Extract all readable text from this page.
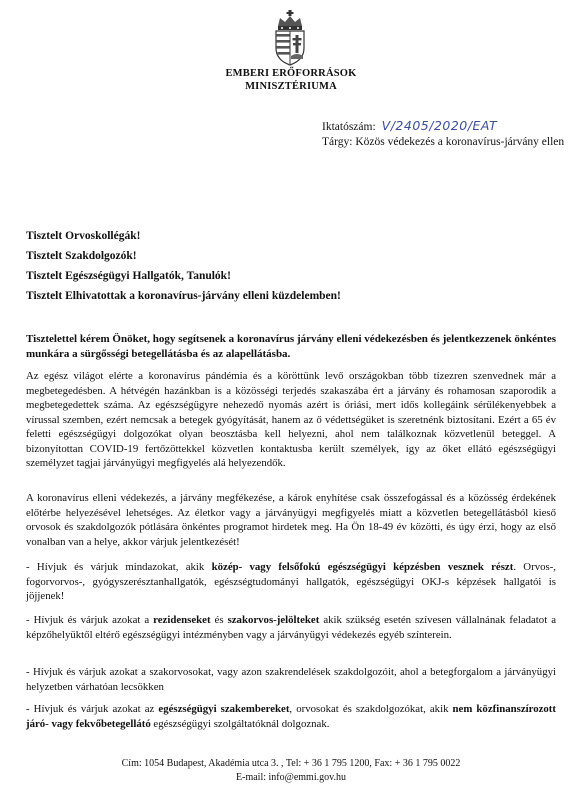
EMBERI ERŐFORRÁSOK
MINISZTÉRIUMA
Iktatószám: V/2405/2020/EAT
Tárgy: Közös védekezés a koronavírus-járvány ellen
Tisztelt Orvoskollégák!
Tisztelt Szakdolgozók!
Tisztelt Egészségügyi Hallgatók, Tanulók!
Tisztelt Elhivatottak a koronavírus-járvány elleni küzdelemben!
Tisztelettel kérem Önöket, hogy segítsenek a koronavírus járvány elleni védekezésben és jelentkezzenek önkéntes munkára a sürgősségi betegellátásba és az alapellátásba.
Az egész világot elérte a koronavírus pándémia és a köröttünk levő országokban több tízezren szenvednek már a megbetegedésben. A hétvégén hazánkban is a közösségi terjedés szakaszába ért a járvány és rohamosan szaporodik a megbetegedettek száma. Az egészségügyre nehezedő nyomás azért is óriási, mert idős kollegáink sérülékenyebbek a vírussal szemben, ezért nemcsak a betegek gyógyítását, hanem az ő védettségüket is szeretnénk biztosítani. Ezért a 65 év feletti egészségügyi dolgozókat olyan beosztásba kell helyezni, ahol nem találkoznak közvetlenül beteggel. A bizonyítottan COVID-19 fertőzöttekkel közvetlen kontaktusba került személyek, így az őket ellátó egészségügyi személyzet tagjai járványügyi megfigyelés alá helyezendők.
A koronavírus elleni védekezés, a járvány megfékezése, a károk enyhítése csak összefogással és a közösség érdekének előtérbe helyezésével lehetséges. Az életkor vagy a járványügyi megfigyelés miatt a közvetlen betegellátásból kieső orvosok és szakdolgozók pótlására önkéntes programot hirdetek meg. Ha Ön 18-49 év közötti, és úgy érzi, hogy az első vonalban van a helye, akkor várjuk jelentkezését!
- Hívjuk és várjuk mindazokat, akik közép- vagy felsőfokú egészségügyi képzésben vesznek részt. Orvos-, fogorvorvos-, gyógyszerésztanhallgatók, egészségtudományi hallgatók, egészségügyi OKJ-s képzések hallgatói is jöjjenek!
- Hívjuk és várjuk azokat a rezidenseket és szakorvos-jelölteket akik szükség esetén szívesen vállalnának feladatot a képzőhelyüktől eltérő egészségügyi intézményben vagy a járványügyi védekezés egyéb színterein.
- Hívjuk és várjuk azokat a szakorvosokat, vagy azon szakrendelések szakdolgozóit, ahol a betegforgalom a járványügyi helyzetben várhatóan lecsökken
- Hívjuk és várjuk azokat az egészségügyi szakembereket, orvosokat és szakdolgozókat, akik nem közfinanszírozott járó- vagy fekvőbetegellátó egészségügyi szolgáltatóknál dolgoznak.
Cím: 1054 Budapest, Akadémia utca 3. , Tel: + 36 1 795 1200, Fax: + 36 1 795 0022
E-mail: info@emmi.gov.hu
